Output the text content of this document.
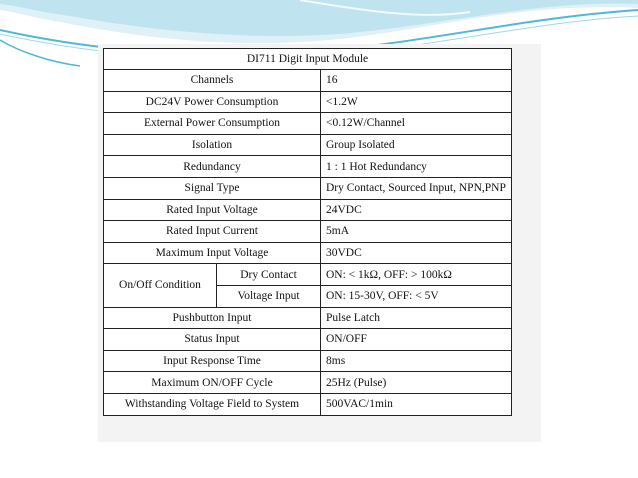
DI711 Digit Input Module		
Channels		16
DC24V Power Consumption		<1.2W
External Power Consumption		<0.12W/Channel
Isolation		Group Isolated
Redundancy		1 : 1 Hot Redundancy
Signal Type		Dry Contact, Sourced Input, NPN,PNP
Rated Input Voltage		24VDC
Rated Input Current		5mA
Maximum Input Voltage		30VDC
On/Off Condition	Dry Contact	ON: < 1kΩ, OFF: > 100kΩ
	Voltage Input	ON: 15-30V, OFF: < 5V
Pushbutton Input		Pulse Latch
Status Input		ON/OFF
Input Response Time		8ms
Maximum ON/OFF Cycle		25Hz (Pulse)
Withstanding Voltage Field to System		500VAC/1min
